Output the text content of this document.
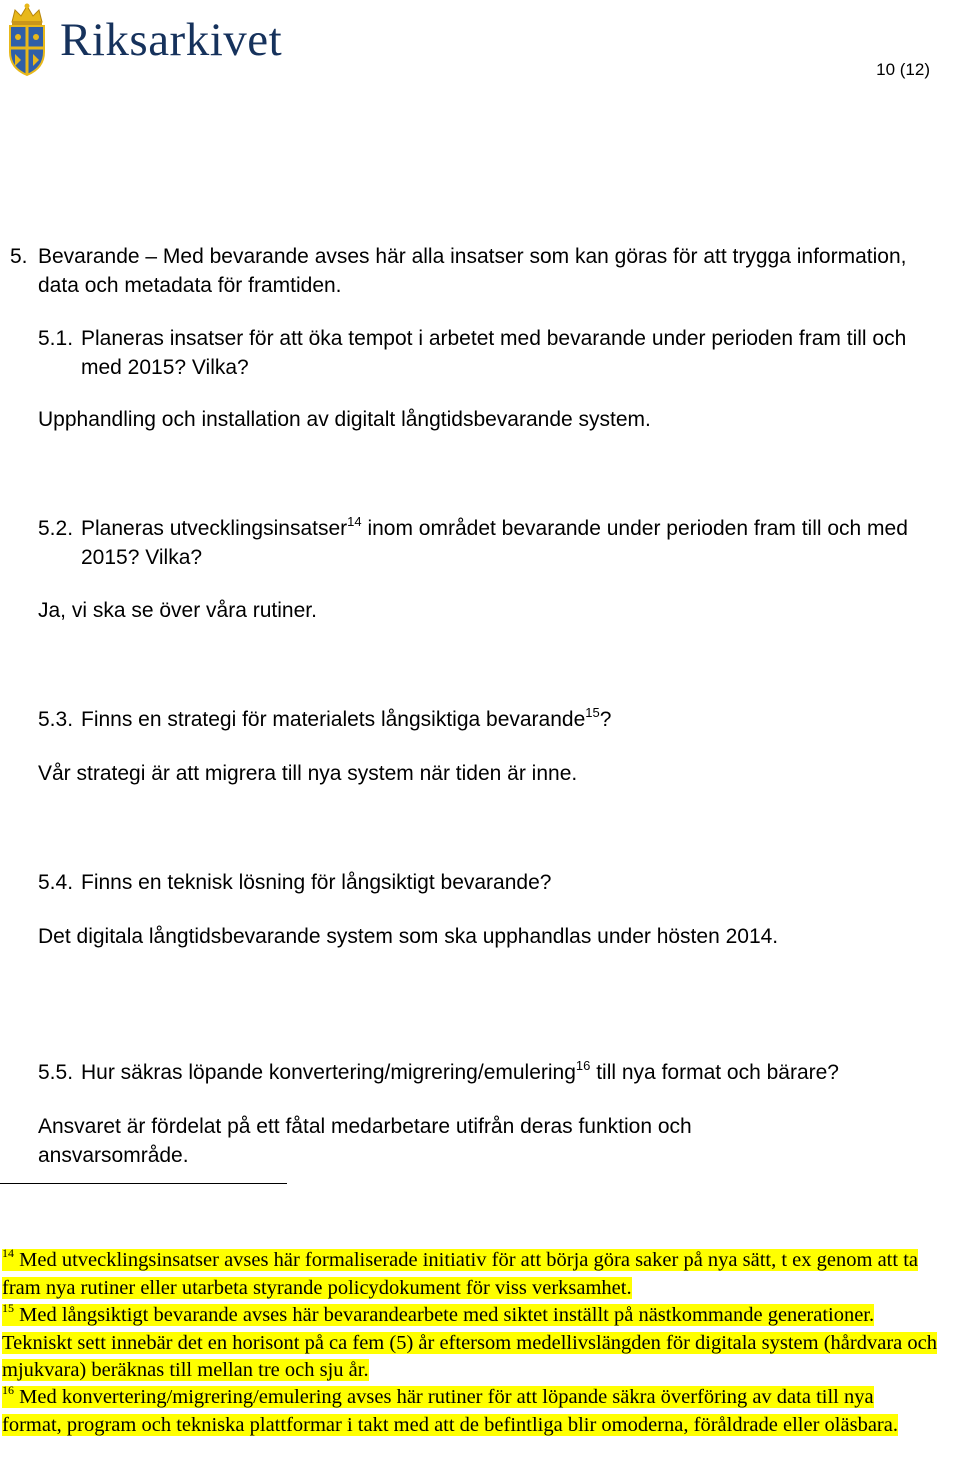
Riksarkivet
10 (12)
5. Bevarande – Med bevarande avses här alla insatser som kan göras för att trygga information, data och metadata för framtiden.
5.1. Planeras insatser för att öka tempot i arbetet med bevarande under perioden fram till och med 2015? Vilka?
Upphandling och installation av digitalt långtidsbevarande system.
5.2. Planeras utvecklingsinsatser$^{14}$ inom området bevarande under perioden fram till och med 2015? Vilka?
Ja, vi ska se över våra rutiner.
5.3. Finns en strategi för materialets långsiktiga bevarande$^{15}$?
Vår strategi är att migrera till nya system när tiden är inne.
5.4. Finns en teknisk lösning för långsiktigt bevarande?
Det digitala långtidsbevarande system som ska upphandlas under hösten 2014.
5.5. Hur säkras löpande konvertering/migrering/emulering$^{16}$ till nya format och bärare?
Ansvaret är fördelat på ett fåtal medarbetare utifrån deras funktion och ansvarsområde.
$^{14}$ Med utvecklingsinsatser avses här formaliserade initiativ för att börja göra saker på nya sätt, t ex genom att ta fram nya rutiner eller utarbeta styrande policydokument för viss verksamhet.
$^{15}$ Med långsiktigt bevarande avses här bevarandearbete med siktet inställt på nästkommande generationer. Tekniskt sett innebär det en horisont på ca fem (5) år eftersom medellivslängden för digitala system (hårdvara och mjukvara) beräknas till mellan tre och sju år.
$^{16}$ Med konvertering/migrering/emulering avses här rutiner för att löpande säkra överföring av data till nya format, program och tekniska plattformar i takt med att de befintliga blir omoderna, föråldrade eller oläsbara.
